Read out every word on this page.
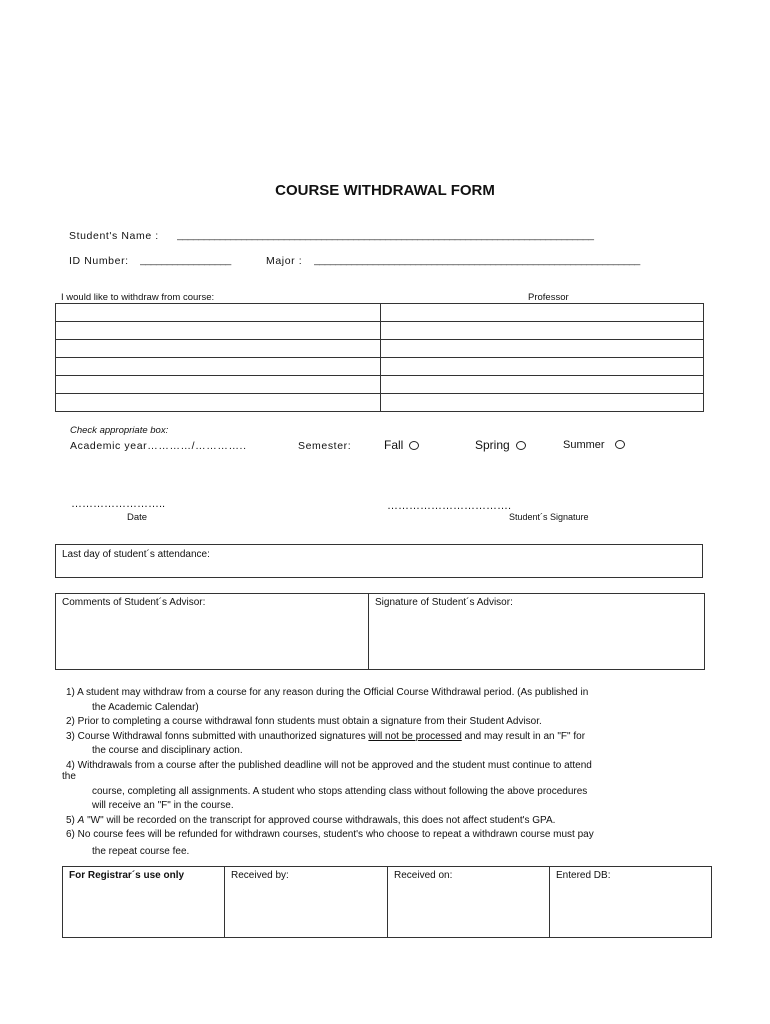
COURSE WITHDRAWAL FORM
Student's Name : ______________________________________________________________________________
ID Number: _________________	Major : _____________________________________________________________
I would like to withdraw from course:	Professor

Check appropriate box:
Academic year…………/…………..	Semester:	Fall	Spring	Summer
……………………..
Date
…………………………….
Student´s Signature
Last day of student´s attendance:
Comments of Student´s Advisor:	Signature of Student´s Advisor:
1) A student may withdraw from a course for any reason during the Official Course Withdrawal period. (As published in
the Academic Calendar)
2) Prior to completing a course withdrawal fonn students must obtain a signature from their Student Advisor.
3) Course Withdrawal fonns submitted with unauthorized signatures will not be processed and may result in an "F" for
the course and disciplinary action.
4) Withdrawals from a course after the published deadline will not be approved and the student must continue to attend
the
course, completing all assignments. A student who stops attending class without following the above procedures
will receive an "F" in the course.
5) A "W" will be recorded on the transcript for approved course withdrawals, this does not affect student's GPA.
6) No course fees will be refunded for withdrawn courses, student's who choose to repeat a withdrawn course must pay
the repeat course fee.
For Registrar´s use only	Received by:	Received on:	Entered DB:
